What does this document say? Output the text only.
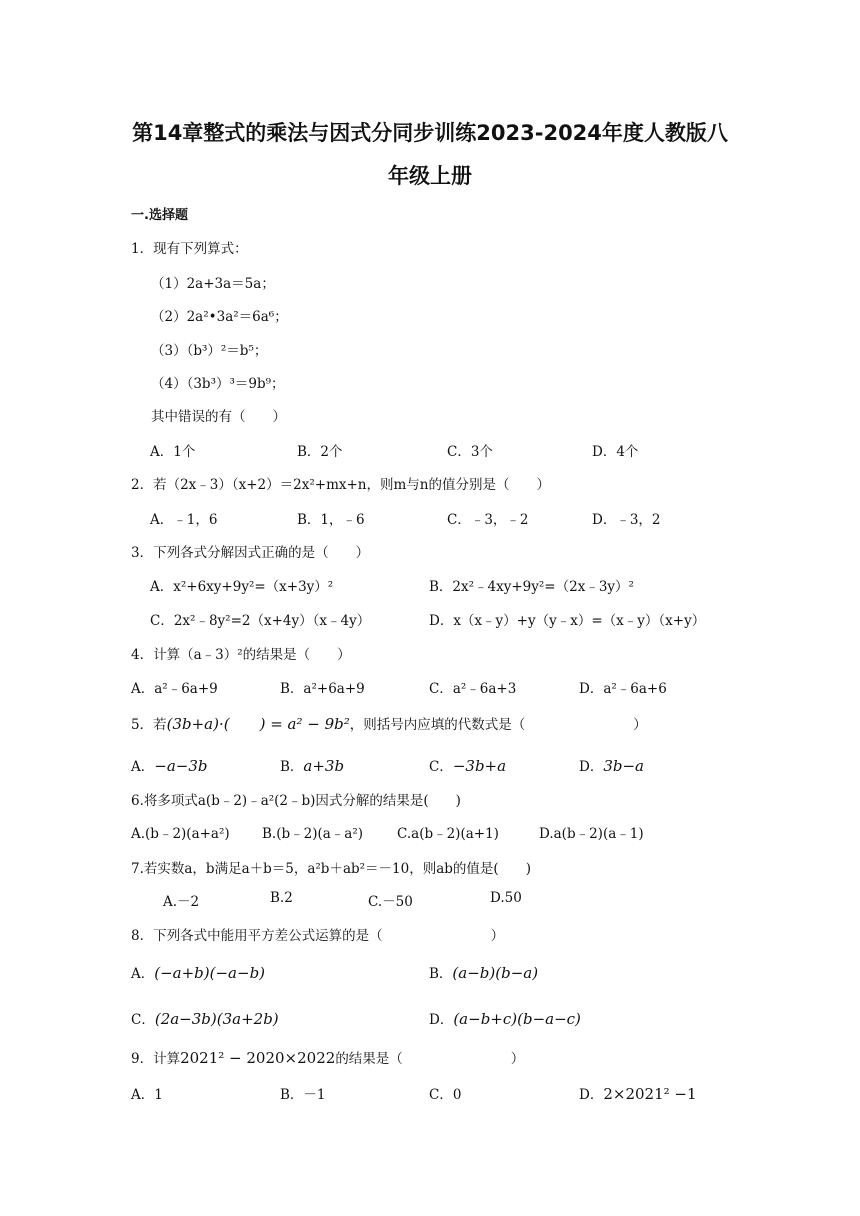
第14章整式的乘法与因式分同步训练2023-2024年度人教版八
年级上册
一.选择题
1．现有下列算式：
（1）2a+3a＝5a；
（2）2a²•3a²＝6a⁶；
（3）（b³）²＝b⁵；
（4）（3b³）³＝9b⁹；
其中错误的有（　　）
A．1个	B．2个	C．3个	D．4个
2．若（2x﹣3）（x+2）＝2x²+mx+n，则m与n的值分别是（　　）
A．﹣1，6	B．1，﹣6	C．﹣3，﹣2	D．﹣3，2
3．下列各式分解因式正确的是（　　）
A．x²+6xy+9y²=（x+3y）²	B．2x²﹣4xy+9y²=（2x﹣3y）²
C．2x²﹣8y²=2（x+4y）（x﹣4y）	D．x（x﹣y）+y（y﹣x）=（x﹣y）（x+y）
4．计算（a﹣3）²的结果是（　　）
A．a²﹣6a+9	B．a²+6a+9	C．a²﹣6a+3	D．a²﹣6a+6
5．若(3b+a)·(　　) = a² − 9b²，则括号内应填的代数式是（　　　　　　　　）
A．−a−3b	B．a+3b	C．−3b+a	D．3b−a
6.将多项式a(b﹣2)﹣a²(2﹣b)因式分解的结果是(　　)
A.(b﹣2)(a+a²) B.(b﹣2)(a﹣a²)	C.a(b﹣2)(a+1)	D.a(b﹣2)(a﹣1)
7.若实数a，b满足a＋b＝5，a²b＋ab²＝－10，则ab的值是(　　)
A.－2	B.2	C.－50	D.50
8．下列各式中能用平方差公式运算的是（　　　　　　　　）
A．(−a+b)(−a−b)	B．(a−b)(b−a)
C．(2a−3b)(3a+2b)	D．(a−b+c)(b−a−c)
9．计算2021² − 2020×2022的结果是（　　　　　　　　）
A．1	B．－1	C．0	D．2×2021² −1
